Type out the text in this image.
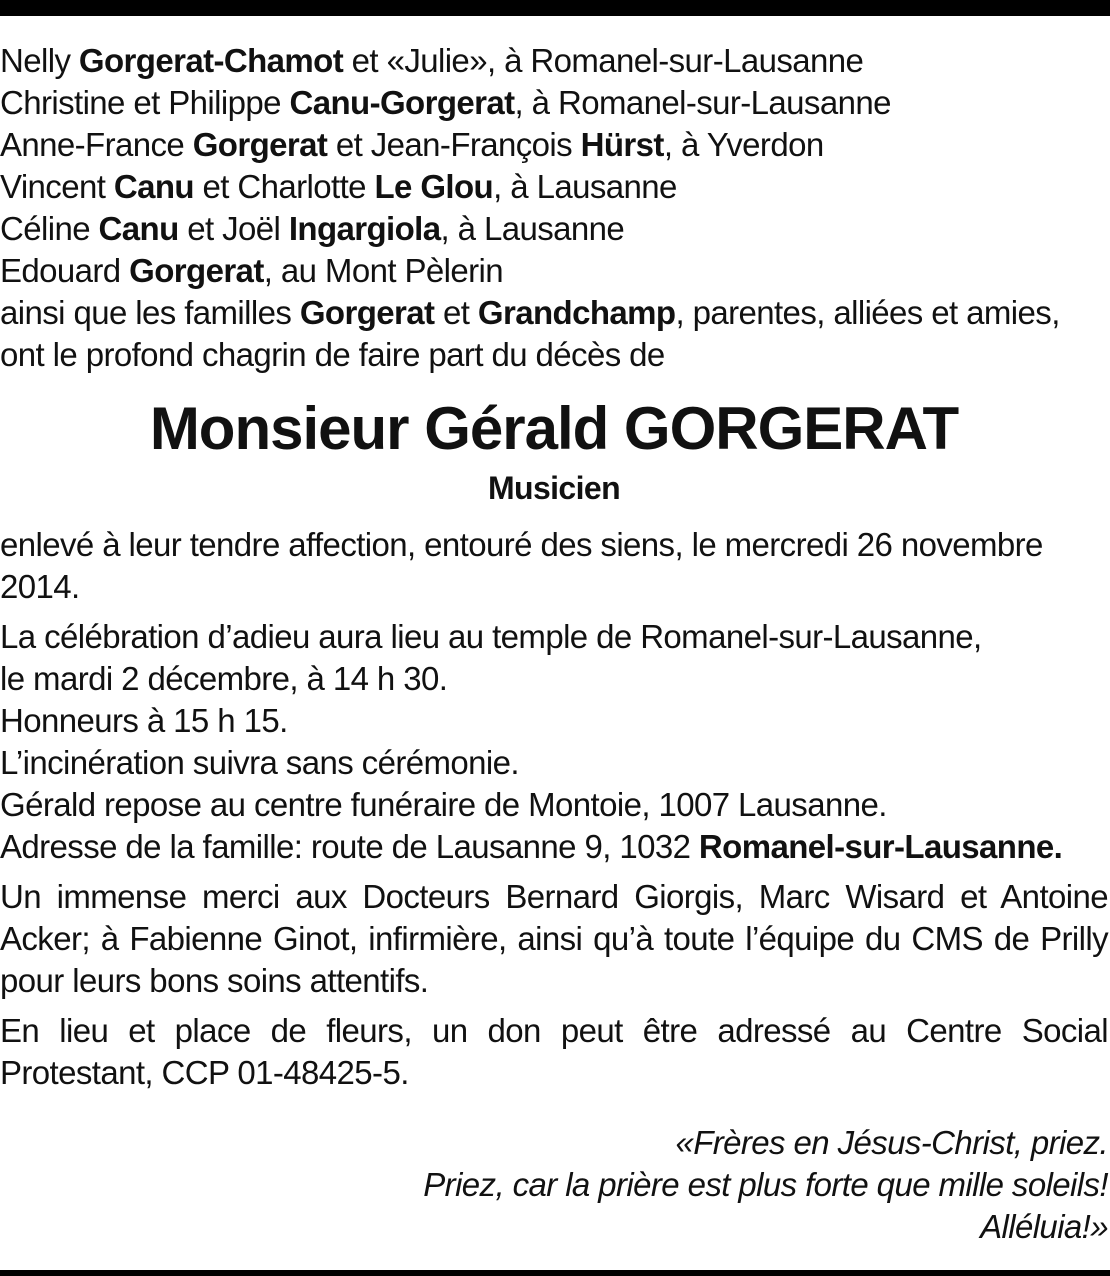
Nelly Gorgerat-Chamot et «Julie», à Romanel-sur-Lausanne
Christine et Philippe Canu-Gorgerat, à Romanel-sur-Lausanne
Anne-France Gorgerat et Jean-François Hürst, à Yverdon
Vincent Canu et Charlotte Le Glou, à Lausanne
Céline Canu et Joël Ingargiola, à Lausanne
Edouard Gorgerat, au Mont Pèlerin
ainsi que les familles Gorgerat et Grandchamp, parentes, alliées et amies,
ont le profond chagrin de faire part du décès de
Monsieur Gérald GORGERAT
Musicien
enlevé à leur tendre affection, entouré des siens, le mercredi 26 novembre
2014.
La célébration d’adieu aura lieu au temple de Romanel-sur-Lausanne,
le mardi 2 décembre, à 14 h 30.
Honneurs à 15 h 15.
L’incinération suivra sans cérémonie.
Gérald repose au centre funéraire de Montoie, 1007 Lausanne.
Adresse de la famille: route de Lausanne 9, 1032 Romanel-sur-Lausanne.
Un immense merci aux Docteurs Bernard Giorgis, Marc Wisard et Antoine
Acker; à Fabienne Ginot, infirmière, ainsi qu’à toute l’équipe du CMS de Prilly
pour leurs bons soins attentifs.
En lieu et place de fleurs, un don peut être adressé au Centre Social
Protestant, CCP 01-48425-5.
«Frères en Jésus-Christ, priez.
Priez, car la prière est plus forte que mille soleils!
Alléluia!»
